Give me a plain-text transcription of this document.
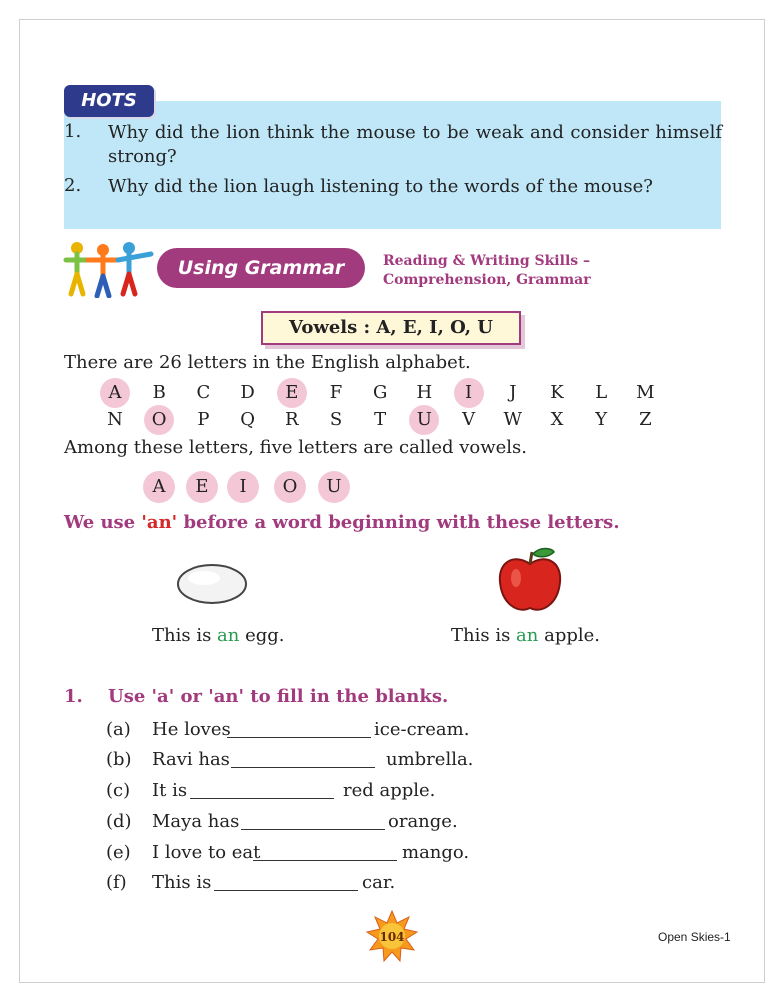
HOTS
1. Why did the lion think the mouse to be weak and consider himself
strong?
2. Why did the lion laugh listening to the words of the mouse?
Using Grammar	Reading & Writing Skills –
Comprehension, Grammar
Vowels : A, E, I, O, U
There are 26 letters in the English alphabet.
A	B	C	D	E	F	G	H	I	J	K	L	M
N	O	P	Q	R	S	T	U	V	W	X	Y	Z
Among these letters, five letters are called vowels.
A	E	I	O	U
We use 'an' before a word beginning with these letters.
This is an egg.	This is an apple.
1. Use 'a' or 'an' to fill in the blanks.
(a) He loves	ice-cream.
(b) Ravi has	umbrella.
(c) It is	red apple.
(d) Maya has	orange.
(e) I love to eat	mango.
(f) This is	car.
104	Open Skies-1
